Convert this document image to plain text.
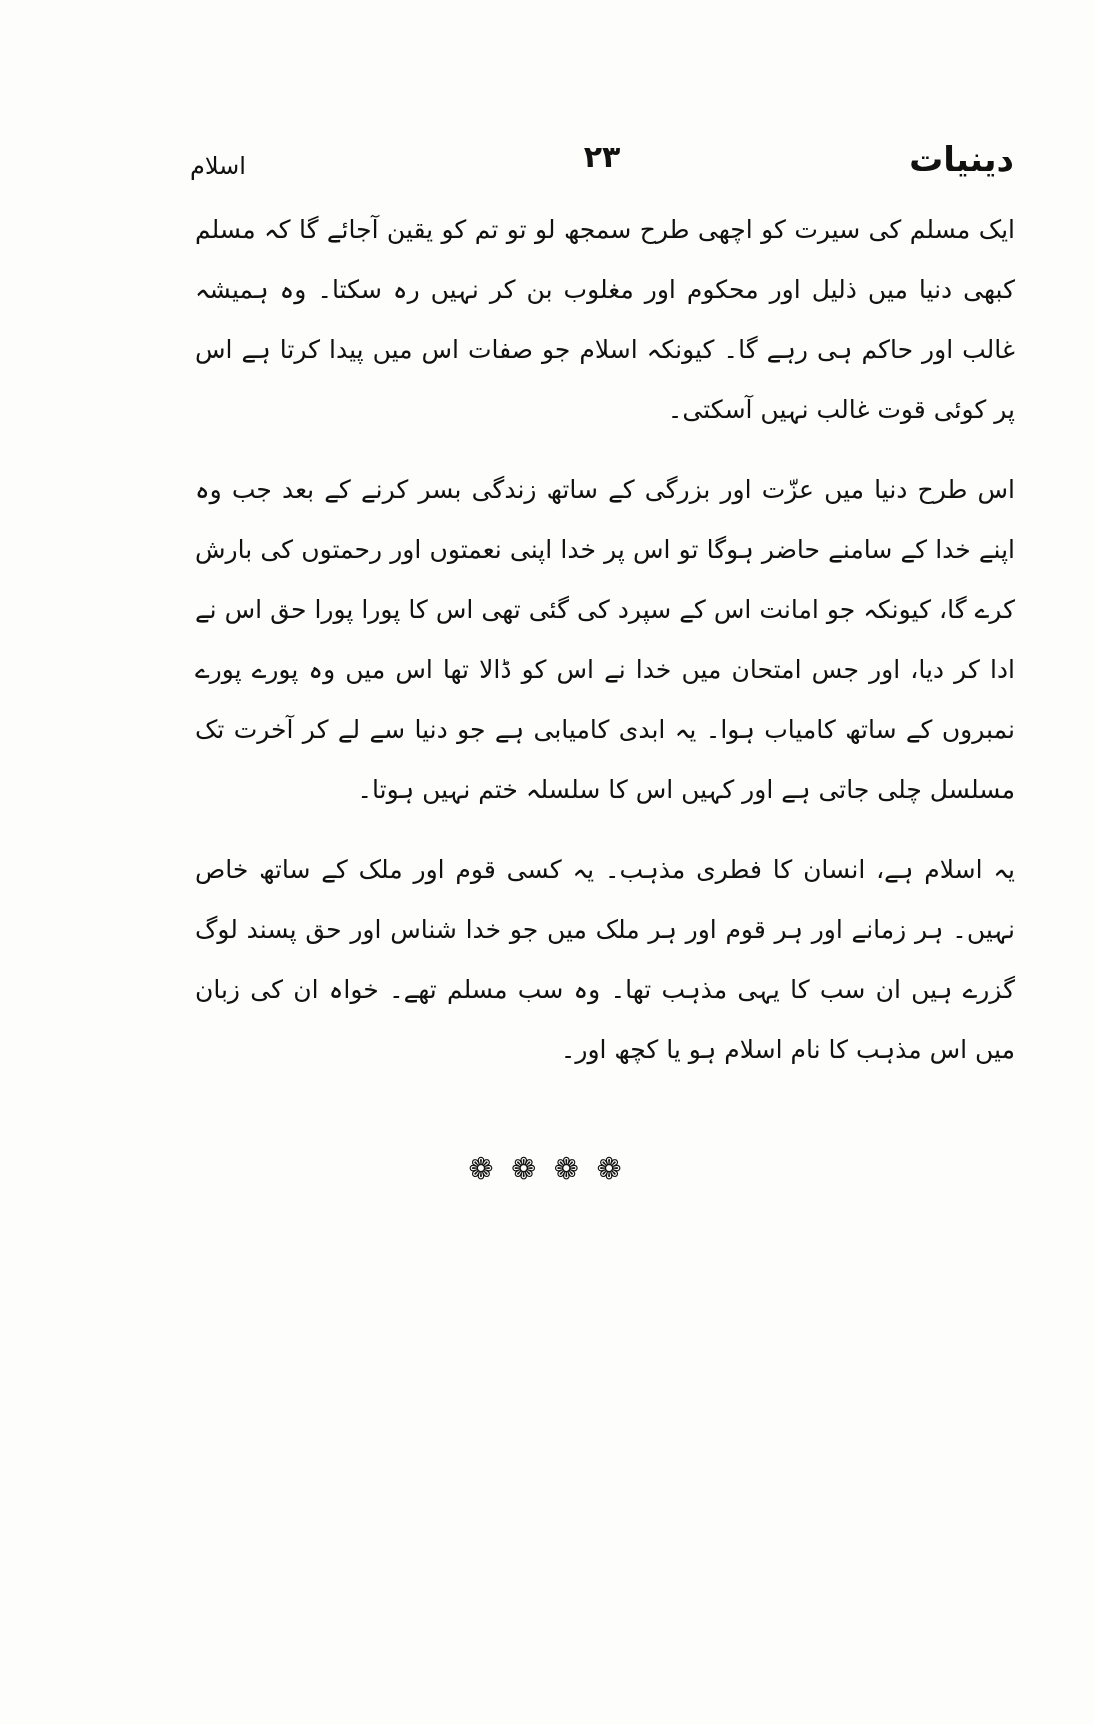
دینیات
۲۳
اسلام

ایک مسلم کی سیرت کو اچھی طرح سمجھ لو تو تم کو یقین آجائے گا کہ مسلم کبھی دنیا میں ذلیل اور محکوم اور مغلوب بن کر نہیں رہ سکتا۔ وہ ہمیشہ غالب اور حاکم ہی رہے گا۔ کیونکہ اسلام جو صفات اس میں پیدا کرتا ہے اس پر کوئی قوت غالب نہیں آسکتی۔

اس طرح دنیا میں عزّت اور بزرگی کے ساتھ زندگی بسر کرنے کے بعد جب وہ اپنے خدا کے سامنے حاضر ہوگا تو اس پر خدا اپنی نعمتوں اور رحمتوں کی بارش کرے گا، کیونکہ جو امانت اس کے سپرد کی گئی تھی اس کا پورا پورا حق اس نے ادا کر دیا، اور جس امتحان میں خدا نے اس کو ڈالا تھا اس میں وہ پورے پورے نمبروں کے ساتھ کامیاب ہوا۔ یہ ابدی کامیابی ہے جو دنیا سے لے کر آخرت تک مسلسل چلی جاتی ہے اور کہیں اس کا سلسلہ ختم نہیں ہوتا۔

یہ اسلام ہے، انسان کا فطری مذہب۔ یہ کسی قوم اور ملک کے ساتھ خاص نہیں۔ ہر زمانے اور ہر قوم اور ہر ملک میں جو خدا شناس اور حق پسند لوگ گزرے ہیں ان سب کا یہی مذہب تھا۔ وہ سب مسلم تھے۔ خواہ ان کی زبان میں اس مذہب کا نام اسلام ہو یا کچھ اور۔

❁ ❁ ❁ ❁
